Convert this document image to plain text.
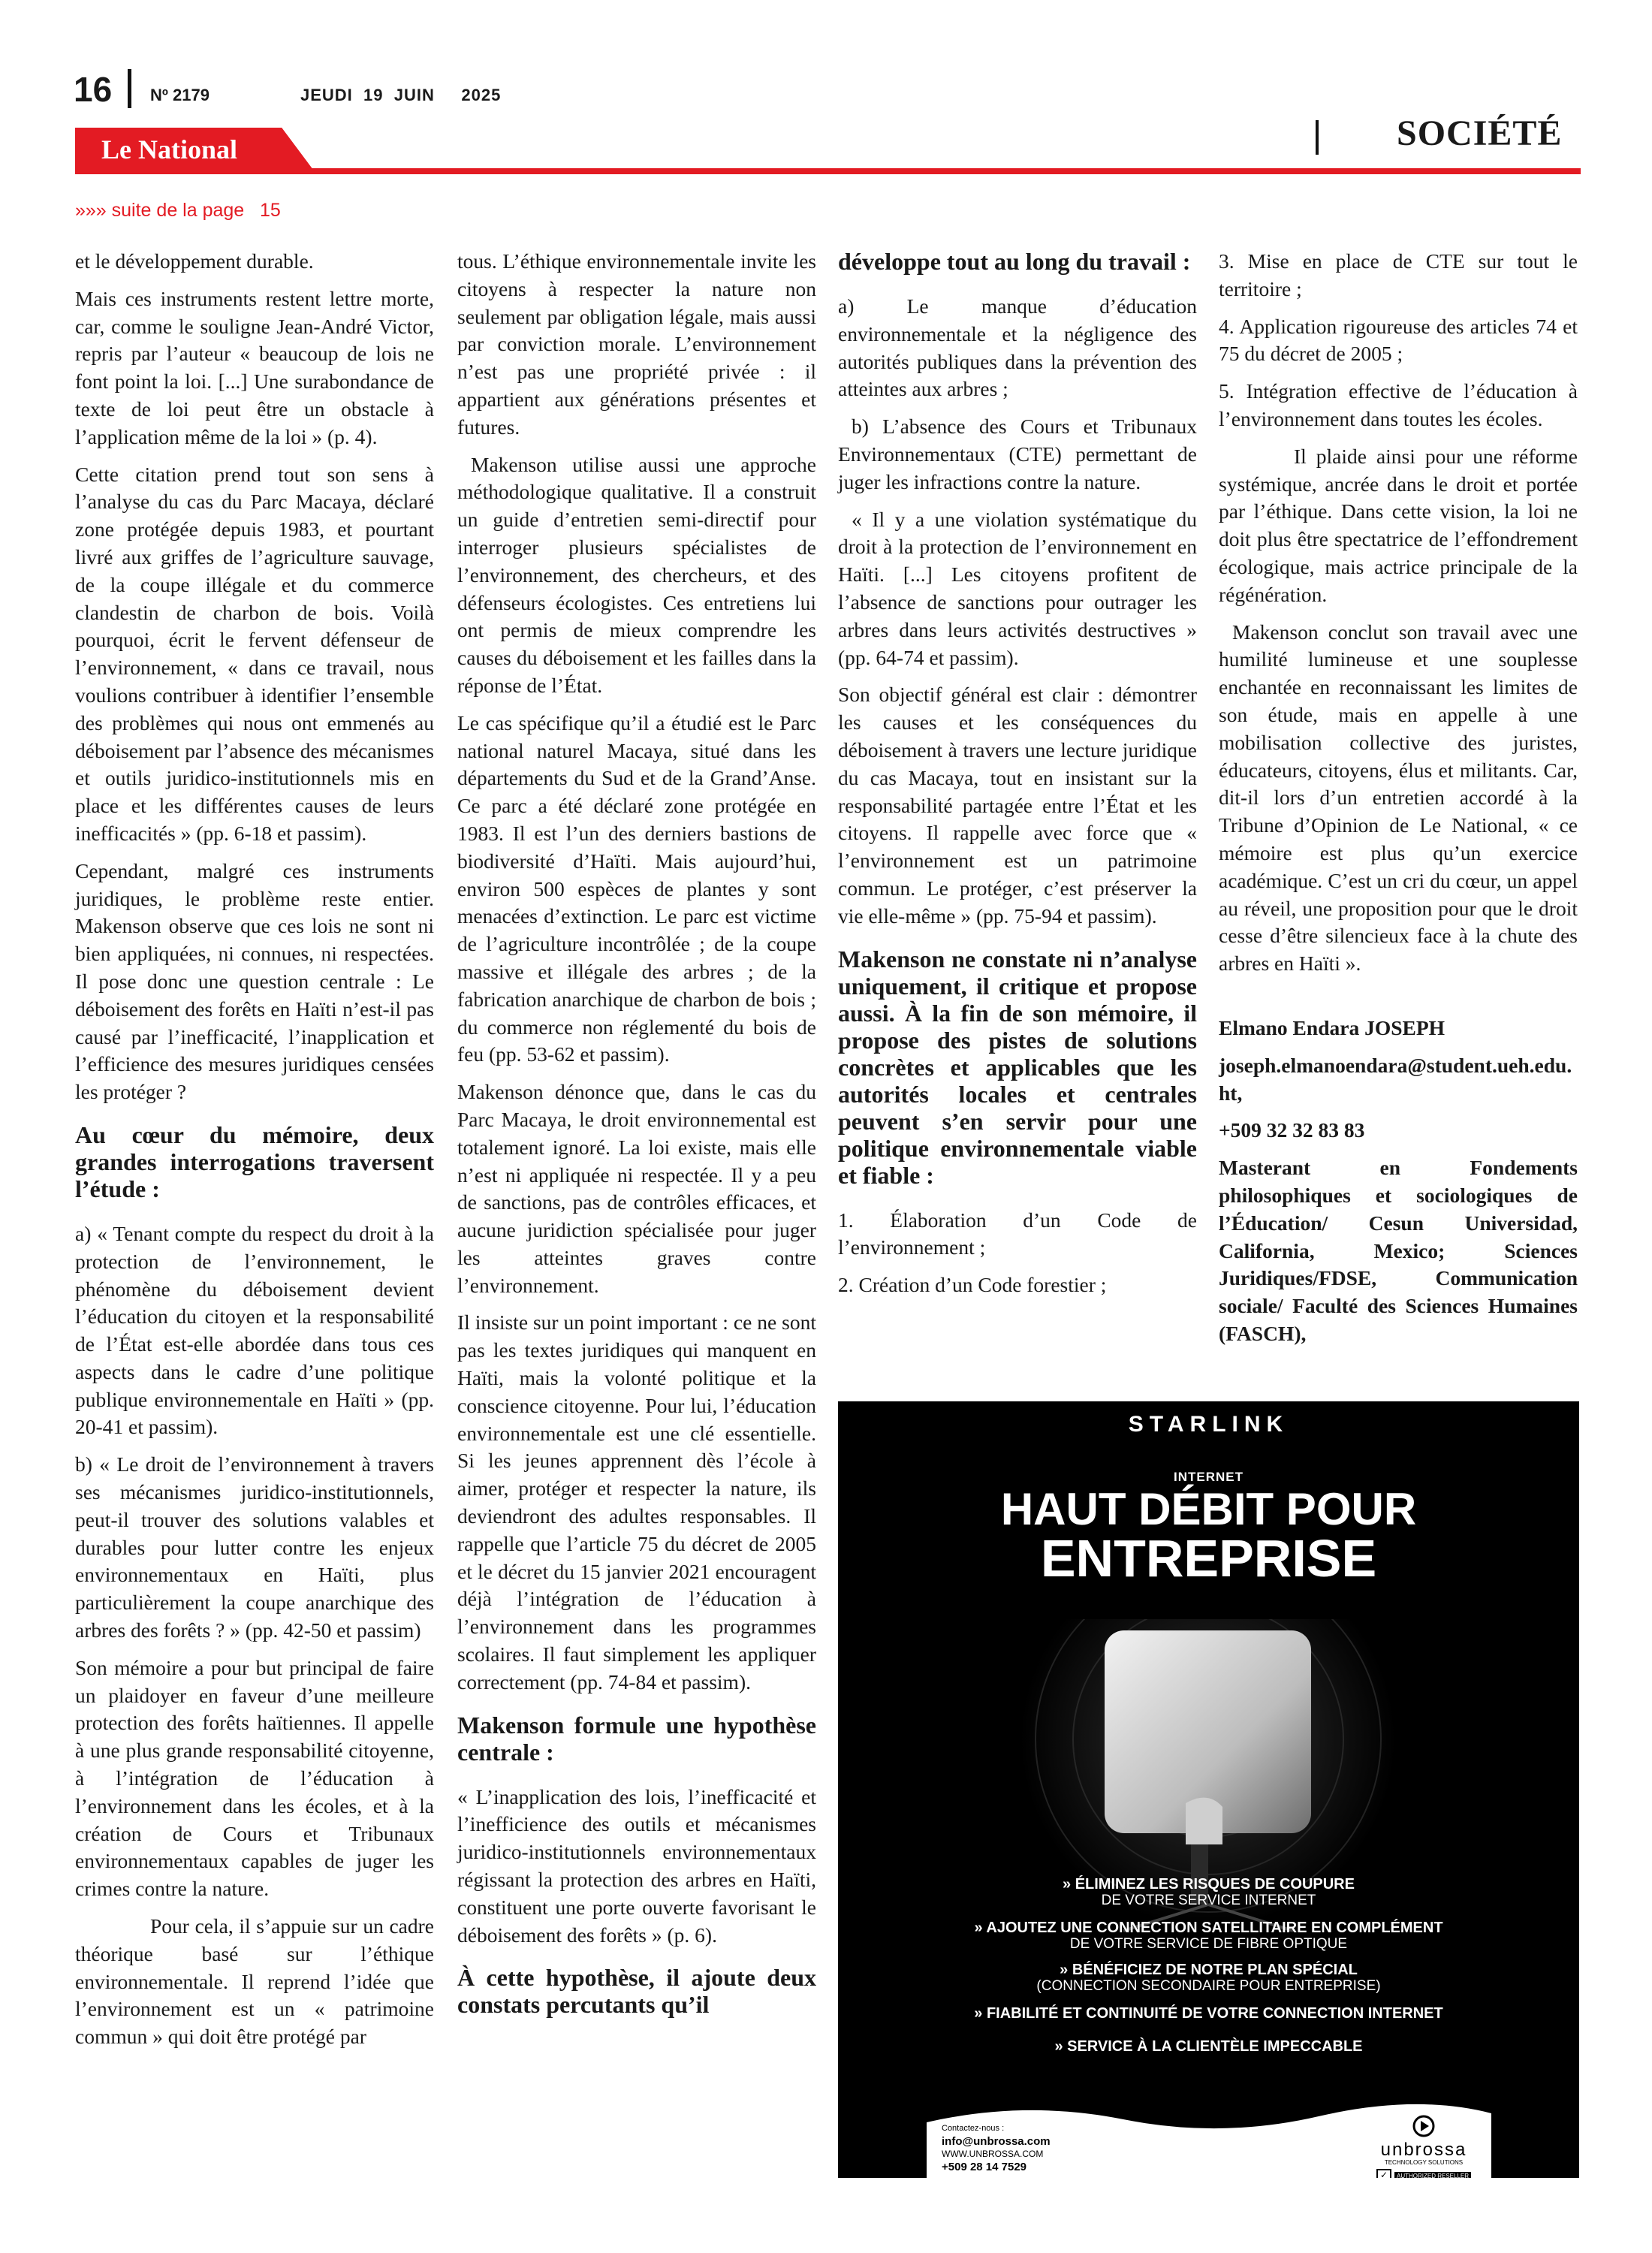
16 Nº 2179	JEUDI  19  JUIN     2025
SOCIÉTÉ
Le National
»»» suite de la page   15

et le développement durable.

Mais ces instruments restent lettre morte, car, comme le souligne Jean-André Victor, repris par l’auteur « beaucoup de lois ne font point la loi. [...] Une surabondance de texte de loi peut être un obstacle à l’application même de la loi » (p. 4).

Cette citation prend tout son sens à l’analyse du cas du Parc Macaya, déclaré zone protégée depuis 1983, et pourtant livré aux griffes de l’agriculture sauvage, de la coupe illégale et du commerce clandestin de charbon de bois. Voilà pourquoi, écrit le fervent défenseur de l’environnement, « dans ce travail, nous voulions contribuer à identifier l’ensemble des problèmes qui nous ont emmenés au déboisement par l’absence des mécanismes et outils juridico-institutionnels mis en place et les différentes causes de leurs inefficacités » (pp. 6-18 et passim).

Cependant, malgré ces instruments juridiques, le problème reste entier. Makenson observe que ces lois ne sont ni bien appliquées, ni connues, ni respectées. Il pose donc une question centrale : Le déboisement des forêts en Haïti n’est-il pas causé par l’inefficacité, l’inapplication et l’efficience des mesures juridiques censées les protéger ?

Au cœur du mémoire, deux grandes interrogations traversent l’étude :

a) « Tenant compte du respect du droit à la protection de l’environnement, le phénomène du déboisement devient l’éducation du citoyen et la responsabilité de l’État est-elle abordée dans tous ces aspects dans le cadre d’une politique publique environnementale en Haïti » (pp. 20-41 et passim).

b) « Le droit de l’environnement à travers ses mécanismes juridico-institutionnels, peut-il trouver des solutions valables et durables pour lutter contre les enjeux environnementaux en Haïti, plus particulièrement la coupe anarchique des arbres des forêts ? » (pp. 42-50 et passim)

Son mémoire a pour but principal de faire un plaidoyer en faveur d’une meilleure protection des forêts haïtiennes. Il appelle à une plus grande responsabilité citoyenne, à l’intégration de l’éducation à l’environnement dans les écoles, et à la création de Cours et Tribunaux environnementaux capables de juger les crimes contre la nature.

Pour cela, il s’appuie sur un cadre théorique basé sur l’éthique environnementale. Il reprend l’idée que l’environnement est un « patrimoine commun » qui doit être protégé par

tous. L’éthique environnementale invite les citoyens à respecter la nature non seulement par obligation légale, mais aussi par conviction morale. L’environnement n’est pas une propriété privée : il appartient aux générations présentes et futures.

Makenson utilise aussi une approche méthodologique qualitative. Il a construit un guide d’entretien semi-directif pour interroger plusieurs spécialistes de l’environnement, des chercheurs, et des défenseurs écologistes. Ces entretiens lui ont permis de mieux comprendre les causes du déboisement et les failles dans la réponse de l’État.

Le cas spécifique qu’il a étudié est le Parc national naturel Macaya, situé dans les départements du Sud et de la Grand’Anse. Ce parc a été déclaré zone protégée en 1983. Il est l’un des derniers bastions de biodiversité d’Haïti. Mais aujourd’hui, environ 500 espèces de plantes y sont menacées d’extinction. Le parc est victime de l’agriculture incontrôlée ; de la coupe massive et illégale des arbres ; de la fabrication anarchique de charbon de bois ; du commerce non réglementé du bois de feu (pp. 53-62 et passim).

Makenson dénonce que, dans le cas du Parc Macaya, le droit environnemental est totalement ignoré. La loi existe, mais elle n’est ni appliquée ni respectée. Il y a peu de sanctions, pas de contrôles efficaces, et aucune juridiction spécialisée pour juger les atteintes graves contre l’environnement.

Il insiste sur un point important : ce ne sont pas les textes juridiques qui manquent en Haïti, mais la volonté politique et la conscience citoyenne. Pour lui, l’éducation environnementale est une clé essentielle. Si les jeunes apprennent dès l’école à aimer, protéger et respecter la nature, ils deviendront des adultes responsables. Il rappelle que l’article 75 du décret de 2005 et le décret du 15 janvier 2021 encouragent déjà l’intégration de l’éducation à l’environnement dans les programmes scolaires. Il faut simplement les appliquer correctement (pp. 74-84 et passim).

Makenson formule une hypothèse centrale :

« L’inapplication des lois, l’inefficacité et l’inefficience des outils et mécanismes juridico-institutionnels environnementaux régissant la protection des arbres en Haïti, constituent une porte ouverte favorisant le déboisement des forêts » (p. 6).

À cette hypothèse, il ajoute deux constats percutants qu’il
développe tout au long du travail :

a) Le manque d’éducation environnementale et la négligence des autorités publiques dans la prévention des atteintes aux arbres ;

b) L’absence des Cours et Tribunaux Environnementaux (CTE) permettant de juger les infractions contre la nature.

« Il y a une violation systématique du droit à la protection de l’environnement en Haïti. [...] Les citoyens profitent de l’absence de sanctions pour outrager les arbres dans leurs activités destructives » (pp. 64-74 et passim).

Son objectif général est clair : démontrer les causes et les conséquences du déboisement à travers une lecture juridique du cas Macaya, tout en insistant sur la responsabilité partagée entre l’État et les citoyens. Il rappelle avec force que « l’environnement est un patrimoine commun. Le protéger, c’est préserver la vie elle-même » (pp. 75-94 et passim).

Makenson ne constate ni n’analyse uniquement, il critique et propose aussi. À la fin de son mémoire, il propose des pistes de solutions concrètes et applicables que les autorités locales et centrales peuvent s’en servir pour une politique environnementale viable et fiable :

1. Élaboration d’un Code de l’environnement ;

2. Création d’un Code forestier ;

3. Mise en place de CTE sur tout le territoire ;

4. Application rigoureuse des articles 74 et 75 du décret de 2005 ;

5. Intégration effective de l’éducation à l’environnement dans toutes les écoles.

Il plaide ainsi pour une réforme systémique, ancrée dans le droit et portée par l’éthique. Dans cette vision, la loi ne doit plus être spectatrice de l’effondrement écologique, mais actrice principale de la régénération.

Makenson conclut son travail avec une humilité lumineuse et une souplesse enchantée en reconnaissant les limites de son étude, mais en appelle à une mobilisation collective des juristes, éducateurs, citoyens, élus et militants. Car, dit-il lors d’un entretien accordé à la Tribune d’Opinion de Le National, « ce mémoire est plus qu’un exercice académique. C’est un cri du cœur, un appel au réveil, une proposition pour que le droit cesse d’être silencieux face à la chute des arbres en Haïti ».

Elmano Endara JOSEPH

joseph.elmanoendara@student.ueh.edu.ht,

+509 32 32 83 83

Masterant en Fondements philosophiques et sociologiques de l’Éducation/ Cesun Universidad, California, Mexico; Sciences Juridiques/FDSE, Communication sociale/ Faculté des Sciences Humaines (FASCH),

STARLINK
INTERNET
HAUT DÉBIT POUR
ENTREPRISE
» ÉLIMINEZ LES RISQUES DE COUPURE
DE VOTRE SERVICE INTERNET
» AJOUTEZ UNE CONNECTION SATELLITAIRE EN COMPLÉMENT
DE VOTRE SERVICE DE FIBRE OPTIQUE
» BÉNÉFICIEZ DE NOTRE PLAN SPÉCIAL
(CONNECTION SECONDAIRE POUR ENTREPRISE)
» FIABILITÉ ET CONTINUITÉ DE VOTRE CONNECTION INTERNET
» SERVICE À LA CLIENTÈLE IMPECCABLE
Contactez-nous :
info@unbrossa.com
WWW.UNBROSSA.COM
+509 28 14 7529
unbrossa
TECHNOLOGY SOLUTIONS
✓	AUTHORIZED RESELLER
